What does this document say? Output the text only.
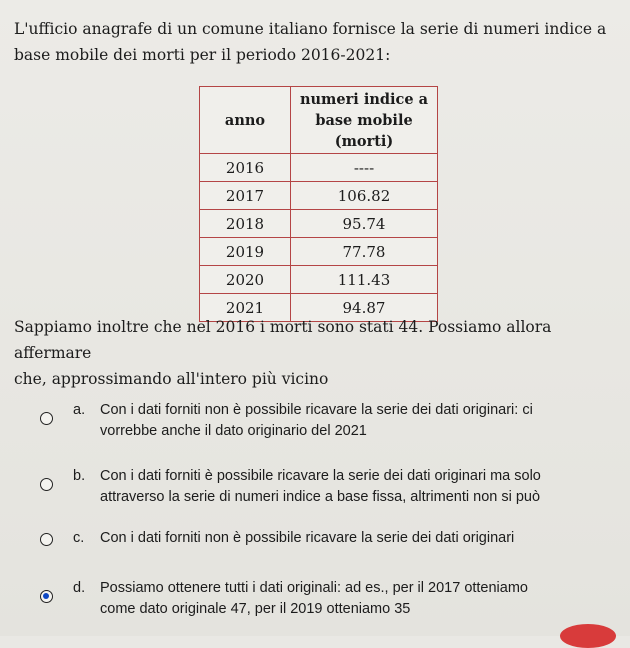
L'ufficio anagrafe di un comune italiano fornisce la serie di numeri indice a

base mobile dei morti per il periodo 2016-2021:

anno	numeri indice a
base mobile
(morti)

2016	----
2017	106.82
2018	95.74
2019	77.78
2020	111.43
2021	94.87

Sappiamo inoltre che nel 2016 i morti sono stati 44. Possiamo allora affermare

che, approssimando all'intero più vicino

a. Con i dati forniti non è possibile ricavare la serie dei dati originari: ci
vorrebbe anche il dato originario del 2021
b. Con i dati forniti è possibile ricavare la serie dei dati originari ma solo
attraverso la serie di numeri indice a base fissa, altrimenti non si può
c. Con i dati forniti non è possibile ricavare la serie dei dati originari
d. Possiamo ottenere tutti i dati originali: ad es., per il 2017 otteniamo
come dato originale 47, per il 2019 otteniamo 35
